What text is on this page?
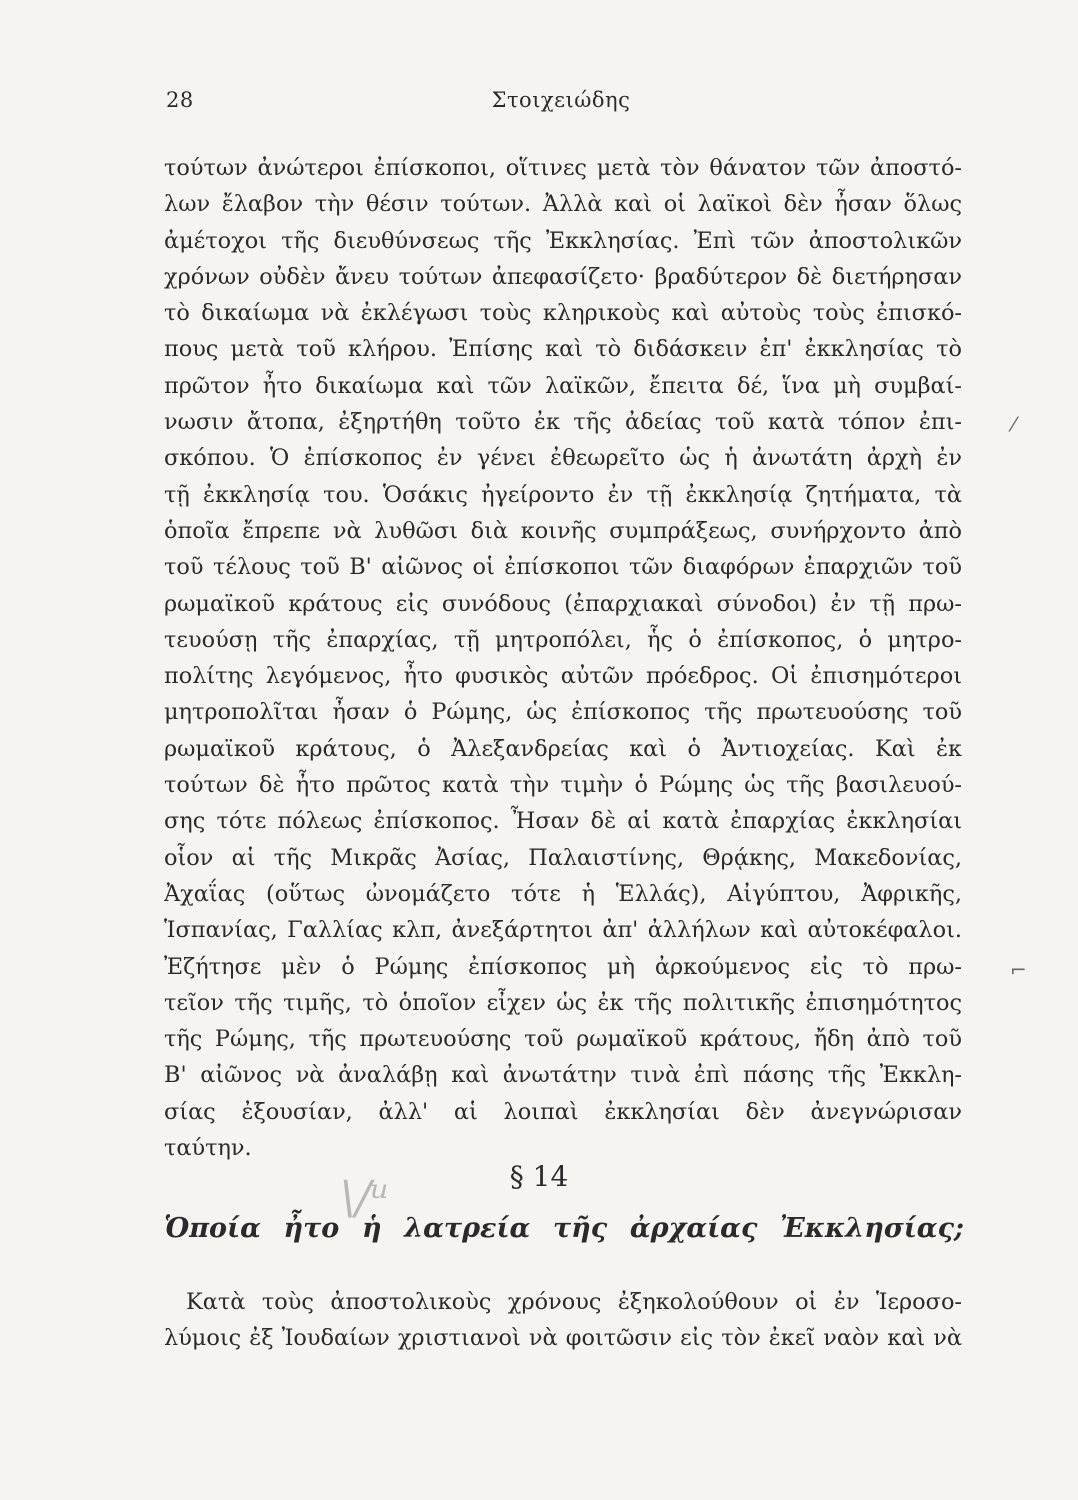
28	Στοιχειώδης
τούτων ἀνώτεροι ἐπίσκοποι, οἵτινες μετὰ τὸν θάνατον τῶν ἀποστό-
λων ἔλαβον τὴν θέσιν τούτων. Ἀλλὰ καὶ οἱ λαϊκοὶ δὲν ἦσαν ὅλως
ἀμέτοχοι τῆς διευθύνσεως τῆς Ἐκκλησίας. Ἐπὶ τῶν ἀποστολικῶν
χρόνων οὐδὲν ἄνευ τούτων ἀπεφασίζετο· βραδύτερον δὲ διετήρησαν
τὸ δικαίωμα νὰ ἐκλέγωσι τοὺς κληρικοὺς καὶ αὐτοὺς τοὺς ἐπισκό-
πους μετὰ τοῦ κλήρου. Ἐπίσης καὶ τὸ διδάσκειν ἐπ' ἐκκλησίας τὸ
πρῶτον ἦτο δικαίωμα καὶ τῶν λαϊκῶν, ἔπειτα δέ, ἵνα μὴ συμβαί-
νωσιν ἄτοπα, ἐξηρτήθη τοῦτο ἐκ τῆς ἀδείας τοῦ κατὰ τόπον ἐπι-
σκόπου. Ὁ ἐπίσκοπος ἐν γένει ἐθεωρεῖτο ὡς ἡ ἀνωτάτη ἀρχὴ ἐν
τῇ ἐκκλησίᾳ του. Ὁσάκις ἠγείροντο ἐν τῇ ἐκκλησίᾳ ζητήματα, τὰ
ὁποῖα ἔπρεπε νὰ λυθῶσι διὰ κοινῆς συμπράξεως, συνήρχοντο ἀπὸ
τοῦ τέλους τοῦ Β' αἰῶνος οἱ ἐπίσκοποι τῶν διαφόρων ἐπαρχιῶν τοῦ
ρωμαϊκοῦ κράτους εἰς συνόδους (ἐπαρχιακαὶ σύνοδοι) ἐν τῇ πρω-
τευούσῃ τῆς ἐπαρχίας, τῇ μητροπόλει, ἧς ὁ ἐπίσκοπος, ὁ μητρο-
πολίτης λεγόμενος, ἦτο φυσικὸς αὐτῶν πρόεδρος. Οἱ ἐπισημότεροι
μητροπολῖται ἦσαν ὁ Ρώμης, ὡς ἐπίσκοπος τῆς πρωτευούσης τοῦ
ρωμαϊκοῦ κράτους, ὁ Ἀλεξανδρείας καὶ ὁ Ἀντιοχείας. Καὶ ἐκ
τούτων δὲ ἦτο πρῶτος κατὰ τὴν τιμὴν ὁ Ρώμης ὡς τῆς βασιλευού-
σης τότε πόλεως ἐπίσκοπος. Ἦσαν δὲ αἱ κατὰ ἐπαρχίας ἐκκλησίαι
οἷον αἱ τῆς Μικρᾶς Ἀσίας, Παλαιστίνης, Θρᾴκης, Μακεδονίας,
Ἀχαΐας (οὕτως ὠνομάζετο τότε ἡ Ἑλλάς), Αἰγύπτου, Ἀφρικῆς,
Ἱσπανίας, Γαλλίας κλπ, ἀνεξάρτητοι ἀπ' ἀλλήλων καὶ αὐτοκέφαλοι.
Ἐζήτησε μὲν ὁ Ρώμης ἐπίσκοπος μὴ ἀρκούμενος εἰς τὸ πρω-
τεῖον τῆς τιμῆς, τὸ ὁποῖον εἶχεν ὡς ἐκ τῆς πολιτικῆς ἐπισημότητος
τῆς Ρώμης, τῆς πρωτευούσης τοῦ ρωμαϊκοῦ κράτους, ἤδη ἀπὸ τοῦ
Β' αἰῶνος νὰ ἀναλάβῃ καὶ ἀνωτάτην τινὰ ἐπὶ πάσης τῆς Ἐκκλη-
σίας ἐξουσίαν, ἀλλ' αἱ λοιπαὶ ἐκκλησίαι δὲν ἀνεγνώρισαν
ταύτην.
\/ᵘ	§ 14
Ὁποία ἦτο ἡ λατρεία τῆς ἀρχαίας Ἐκκλησίας;
Κατὰ τοὺς ἀποστολικοὺς χρόνους ἐξηκολούθουν οἱ ἐν Ἱεροσο-
λύμοις ἐξ Ἰουδαίων χριστιανοὶ νὰ φοιτῶσιν εἰς τὸν ἐκεῖ ναὸν καὶ νὰ
⁄
⌐
